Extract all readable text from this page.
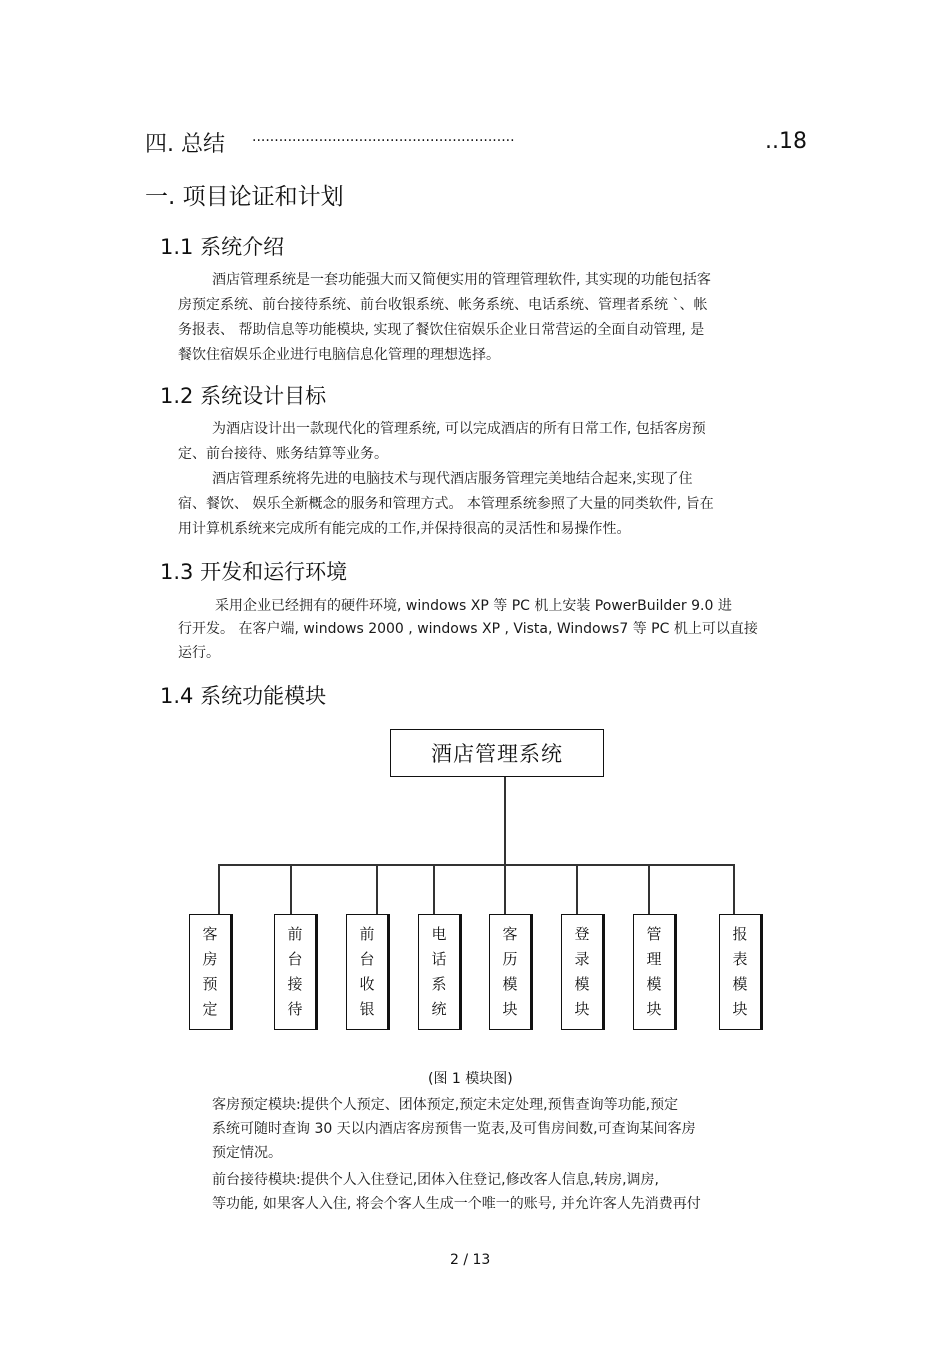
四. 总结 ···························································	..18
一. 项目论证和计划
1.1 系统介绍
酒店管理系统是一套功能强大而又简便实用的管理管理软件, 其实现的功能包括客
房预定系统、前台接待系统、前台收银系统、帐务系统、电话系统、管理者系统 `、帐
务报表、 帮助信息等功能模块, 实现了餐饮住宿娱乐企业日常营运的全面自动管理, 是
餐饮住宿娱乐企业进行电脑信息化管理的理想选择。
1.2 系统设计目标
为酒店设计出一款现代化的管理系统, 可以完成酒店的所有日常工作, 包括客房预
定、前台接待、账务结算等业务。
酒店管理系统将先进的电脑技术与现代酒店服务管理完美地结合起来,实现了住
宿、餐饮、 娱乐全新概念的服务和管理方式。 本管理系统参照了大量的同类软件, 旨在
用计算机系统来完成所有能完成的工作,并保持很高的灵活性和易操作性。
1.3 开发和运行环境
采用企业已经拥有的硬件环境, windows XP 等 PC 机上安装 PowerBuilder 9.0 进
行开发。 在客户端, windows 2000 , windows XP , Vista, Windows7 等 PC 机上可以直接
运行。
1.4 系统功能模块
酒店管理系统
客
房
预
定
前
台
接
待
前
台
收
银
电
话
系
统
客
历
模
块
登
录
模
块
管
理
模
块
报
表
模
块
(图 1 模块图)
客房预定模块:提供个人预定、团体预定,预定未定处理,预售查询等功能,预定
系统可随时查询 30 天以内酒店客房预售一览表,及可售房间数,可查询某间客房
预定情况。
前台接待模块:提供个人入住登记,团体入住登记,修改客人信息,转房,调房,
等功能, 如果客人入住, 将会个客人生成一个唯一的账号, 并允许客人先消费再付
2 / 13
